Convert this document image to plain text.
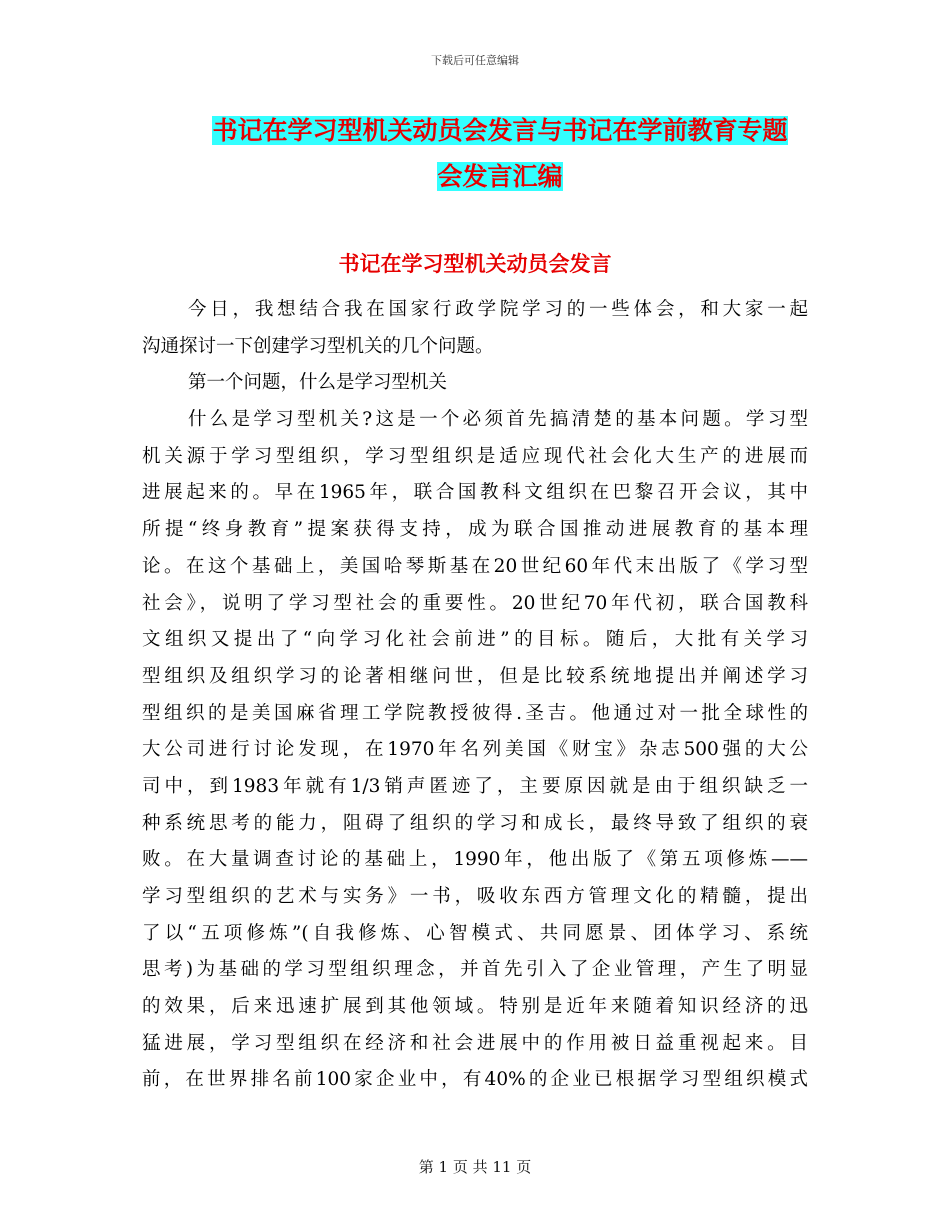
下载后可任意编辑
书记在学习型机关动员会发言与书记在学前教育专题
会发言汇编
书记在学习型机关动员会发言
今日，我想结合我在国家行政学院学习的一些体会，和大家一起
沟通探讨一下创建学习型机关的几个问题。
第一个问题，什么是学习型机关
什么是学习型机关?这是一个必须首先搞清楚的基本问题。学习型
机关源于学习型组织，学习型组织是适应现代社会化大生产的进展而
进展起来的。早在1965年，联合国教科文组织在巴黎召开会议，其中
所提“终身教育”提案获得支持，成为联合国推动进展教育的基本理
论。在这个基础上，美国哈琴斯基在20世纪60年代末出版了《学习型
社会》，说明了学习型社会的重要性。20世纪70年代初，联合国教科
文组织又提出了“向学习化社会前进”的目标。随后，大批有关学习
型组织及组织学习的论著相继问世，但是比较系统地提出并阐述学习
型组织的是美国麻省理工学院教授彼得.圣吉。他通过对一批全球性的
大公司进行讨论发现，在1970年名列美国《财宝》杂志500强的大公
司中，到1983年就有1/3销声匿迹了，主要原因就是由于组织缺乏一
种系统思考的能力，阻碍了组织的学习和成长，最终导致了组织的衰
败。在大量调查讨论的基础上，1990年，他出版了《第五项修炼——
学习型组织的艺术与实务》一书，吸收东西方管理文化的精髓，提出
了以“五项修炼”(自我修炼、心智模式、共同愿景、团体学习、系统
思考)为基础的学习型组织理念，并首先引入了企业管理，产生了明显
的效果，后来迅速扩展到其他领域。特别是近年来随着知识经济的迅
猛进展，学习型组织在经济和社会进展中的作用被日益重视起来。目
前，在世界排名前100家企业中，有40%的企业已根据学习型组织模式
第 1 页 共 11 页
